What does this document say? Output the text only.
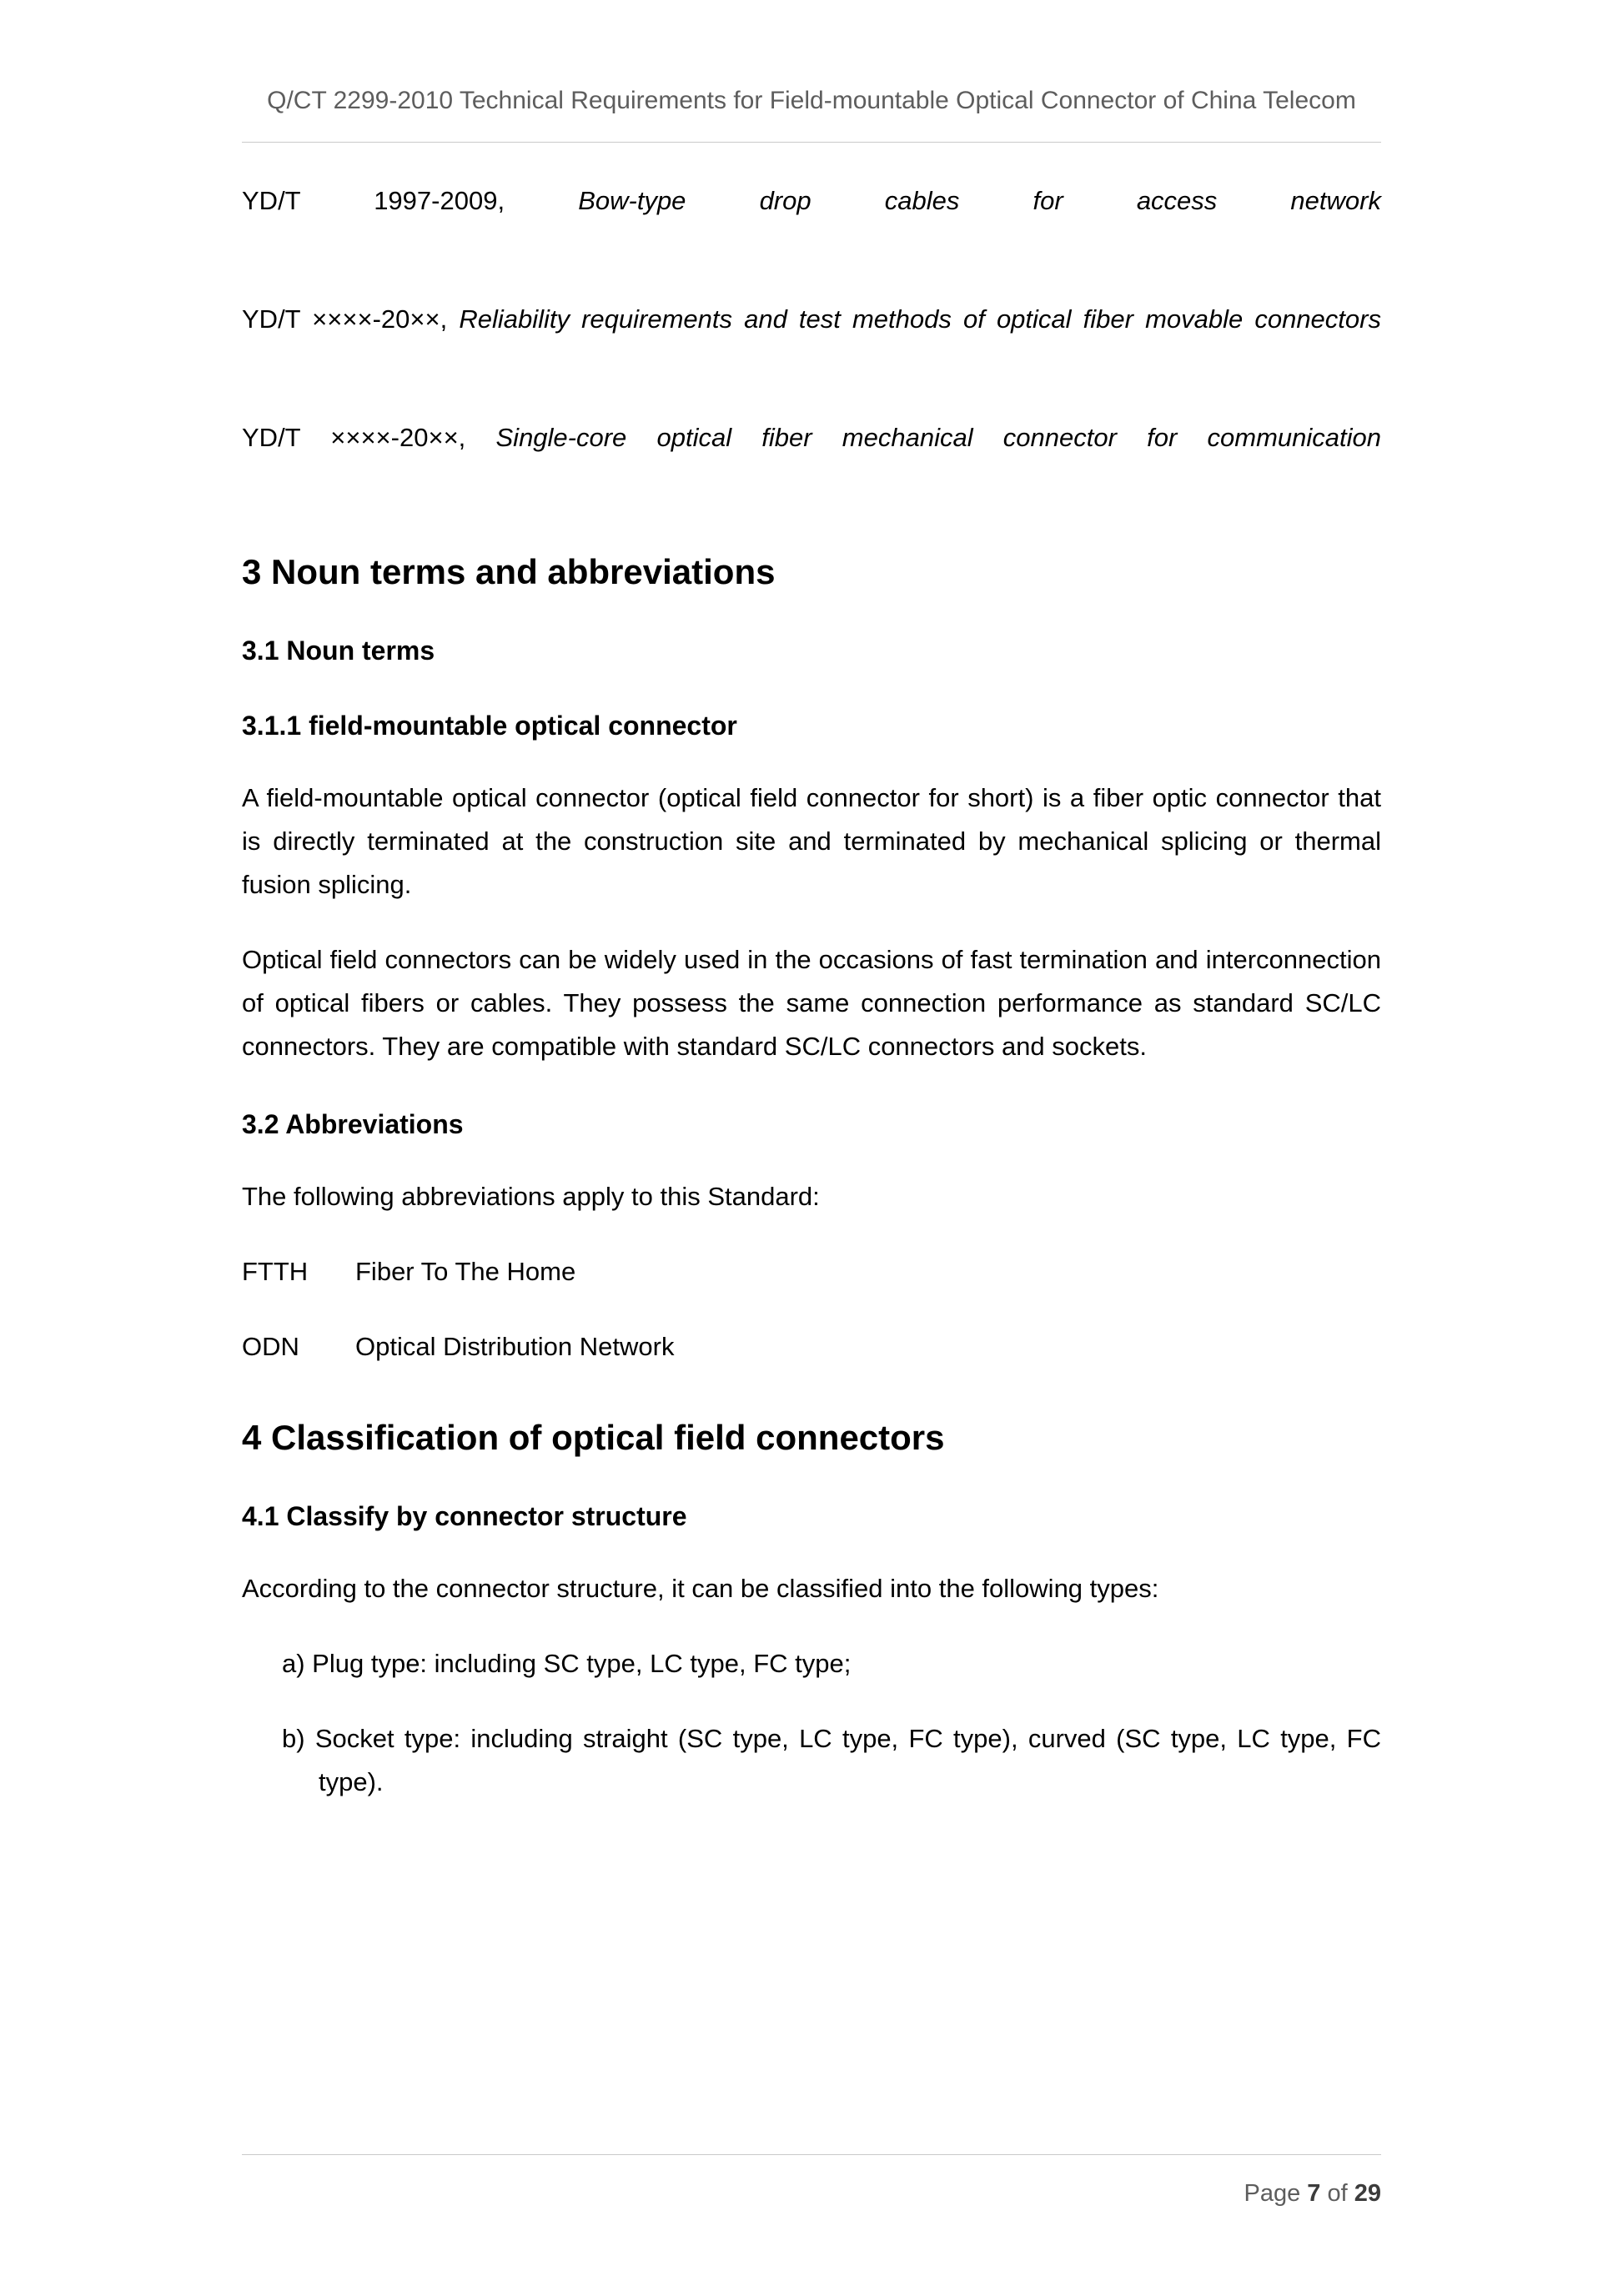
Q/CT 2299-2010 Technical Requirements for Field-mountable Optical Connector of China Telecom

YD/T 1997-2009,	Bow-type drop cables for access network

YD/T ××××-20××, Reliability requirements and test methods of optical fiber movable connectors

YD/T ××××-20××, Single-core optical fiber mechanical connector for communication

3 Noun terms and abbreviations
3.1 Noun terms
3.1.1 field-mountable optical connector

A field-mountable optical connector (optical field connector for short) is a fiber optic connector that is directly terminated at the construction site and terminated by mechanical splicing or thermal fusion splicing.

Optical field connectors can be widely used in the occasions of fast termination and interconnection of optical fibers or cables. They possess the same connection performance as standard SC/LC connectors. They are compatible with standard SC/LC connectors and sockets.

3.2 Abbreviations

The following abbreviations apply to this Standard:

FTTH Fiber To The Home

ODN Optical Distribution Network

4 Classification of optical field connectors
4.1 Classify by connector structure

According to the connector structure, it can be classified into the following types:

a) Plug type: including SC type, LC type, FC type;
b) Socket type: including straight (SC type, LC type, FC type), curved (SC type, LC type, FC type).
Page 7 of 29
